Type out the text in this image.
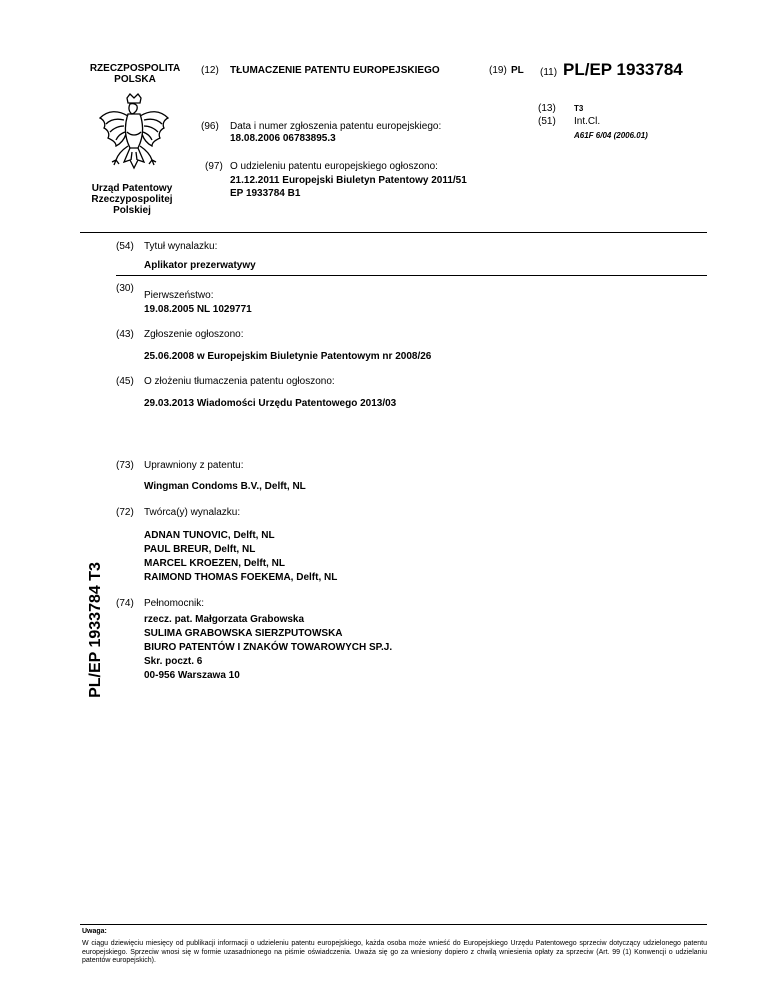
RZECZPOSPOLITA
POLSKA
Urząd Patentowy
Rzeczypospolitej
Polskiej
(12) TŁUMACZENIE PATENTU EUROPEJSKIEGO	(19) PL (11) PL/EP 1933784
(13) T3
(51) Int.Cl.
A61F 6/04 (2006.01)
(96) Data i numer zgłoszenia patentu europejskiego:
18.08.2006 06783895.3
(97) O udzieleniu patentu europejskiego ogłoszono:
21.12.2011 Europejski Biuletyn Patentowy 2011/51
EP 1933784 B1
(54) Tytuł wynalazku:
Aplikator prezerwatywy
(30)
Pierwszeństwo:
19.08.2005 NL 1029771
(43) Zgłoszenie ogłoszono:
25.06.2008 w Europejskim Biuletynie Patentowym nr 2008/26
(45) O złożeniu tłumaczenia patentu ogłoszono:
29.03.2013 Wiadomości Urzędu Patentowego 2013/03
(73) Uprawniony z patentu:
Wingman Condoms B.V., Delft, NL
(72) Twórca(y) wynalazku:
ADNAN TUNOVIC, Delft, NL
PAUL BREUR, Delft, NL
MARCEL KROEZEN, Delft, NL
RAIMOND THOMAS FOEKEMA, Delft, NL
(74) Pełnomocnik:
rzecz. pat. Małgorzata Grabowska
SULIMA GRABOWSKA SIERZPUTOWSKA
BIURO PATENTÓW I ZNAKÓW TOWAROWYCH SP.J.
Skr. poczt. 6
00-956 Warszawa 10
PL/EP 1933784 T3
Uwaga:
W ciągu dziewięciu miesięcy od publikacji informacji o udzieleniu patentu europejskiego, każda osoba może wnieść do Europejskiego Urzędu Patentowego sprzeciw dotyczący udzielonego patentu europejskiego. Sprzeciw wnosi się w formie uzasadnionego na piśmie oświadczenia. Uważa się go za wniesiony dopiero z chwilą wniesienia opłaty za sprzeciw (Art. 99 (1) Konwencji o udzielaniu patentów europejskich).
